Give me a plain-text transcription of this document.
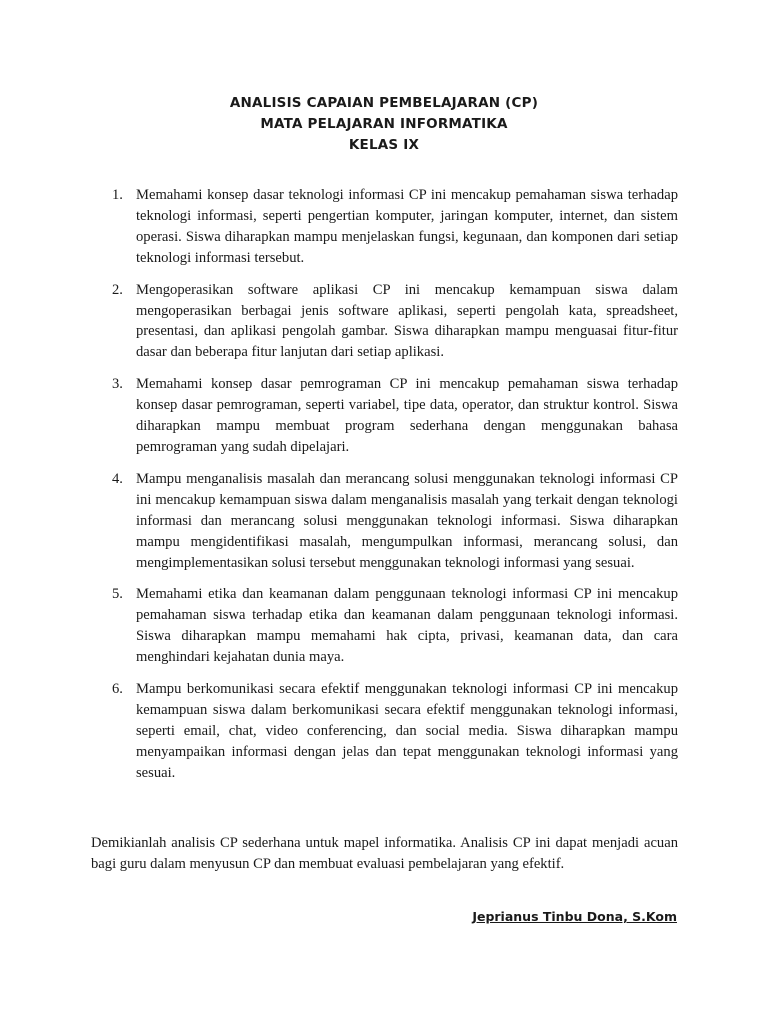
ANALISIS CAPAIAN PEMBELAJARAN (CP)
MATA PELAJARAN INFORMATIKA
KELAS IX
1. Memahami konsep dasar teknologi informasi CP ini mencakup pemahaman siswa terhadap teknologi informasi, seperti pengertian komputer, jaringan komputer, internet, dan sistem operasi. Siswa diharapkan mampu menjelaskan fungsi, kegunaan, dan komponen dari setiap teknologi informasi tersebut.
2. Mengoperasikan software aplikasi CP ini mencakup kemampuan siswa dalam mengoperasikan berbagai jenis software aplikasi, seperti pengolah kata, spreadsheet, presentasi, dan aplikasi pengolah gambar. Siswa diharapkan mampu menguasai fitur-fitur dasar dan beberapa fitur lanjutan dari setiap aplikasi.
3. Memahami konsep dasar pemrograman CP ini mencakup pemahaman siswa terhadap konsep dasar pemrograman, seperti variabel, tipe data, operator, dan struktur kontrol. Siswa diharapkan mampu membuat program sederhana dengan menggunakan bahasa pemrograman yang sudah dipelajari.
4. Mampu menganalisis masalah dan merancang solusi menggunakan teknologi informasi CP ini mencakup kemampuan siswa dalam menganalisis masalah yang terkait dengan teknologi informasi dan merancang solusi menggunakan teknologi informasi. Siswa diharapkan mampu mengidentifikasi masalah, mengumpulkan informasi, merancang solusi, dan mengimplementasikan solusi tersebut menggunakan teknologi informasi yang sesuai.
5. Memahami etika dan keamanan dalam penggunaan teknologi informasi CP ini mencakup pemahaman siswa terhadap etika dan keamanan dalam penggunaan teknologi informasi. Siswa diharapkan mampu memahami hak cipta, privasi, keamanan data, dan cara menghindari kejahatan dunia maya.
6. Mampu berkomunikasi secara efektif menggunakan teknologi informasi CP ini mencakup kemampuan siswa dalam berkomunikasi secara efektif menggunakan teknologi informasi, seperti email, chat, video conferencing, dan social media. Siswa diharapkan mampu menyampaikan informasi dengan jelas dan tepat menggunakan teknologi informasi yang sesuai.

Demikianlah analisis CP sederhana untuk mapel informatika. Analisis CP ini dapat menjadi acuan bagi guru dalam menyusun CP dan membuat evaluasi pembelajaran yang efektif.

Jeprianus Tinbu Dona, S.Kom
